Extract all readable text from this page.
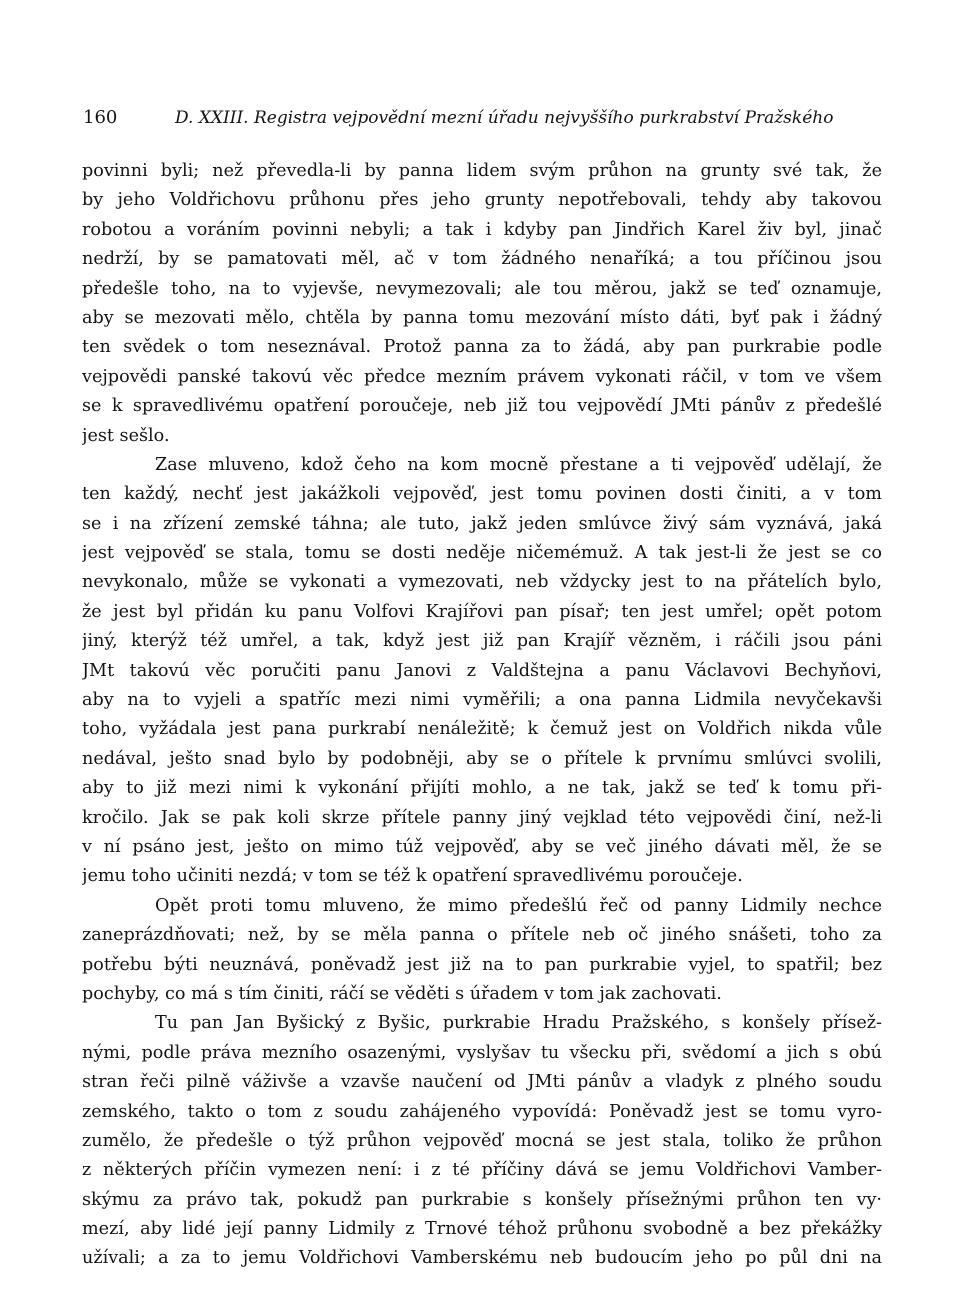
160	D. XXIII. Registra vejpovědní mezní úřadu nejvyššího purkrabství Pražského
povinni byli; než převedla-li by panna lidem svým průhon na grunty své tak, že
by jeho Voldřichovu průhonu přes jeho grunty nepotřebovali, tehdy aby takovou
robotou a voráním povinni nebyli; a tak i kdyby pan Jindřich Karel živ byl, jinač
nedrží, by se pamatovati měl, ač v tom žádného nenaříká; a tou příčinou jsou
předešle toho, na to vyjevše, nevymezovali; ale tou měrou, jakž se teď oznamuje,
aby se mezovati mělo, chtěla by panna tomu mezování místo dáti, byť pak i žádný
ten svědek o tom neseznával. Protož panna za to žádá, aby pan purkrabie podle
vejpovědi panské takovú věc předce mezním právem vykonati ráčil, v tom ve všem
se k spravedlivému opatření poroučeje, neb již tou vejpovědí JMti pánův z předešlé
jest sešlo.
Zase mluveno, kdož čeho na kom mocně přestane a ti vejpověď udělají, že
ten každý, nechť jest jakážkoli vejpověď, jest tomu povinen dosti činiti, a v tom
se i na zřízení zemské táhna; ale tuto, jakž jeden smlúvce živý sám vyznává, jaká
jest vejpověď se stala, tomu se dosti neděje ničemémuž. A tak jest-li že jest se co
nevykonalo, může se vykonati a vymezovati, neb vždycky jest to na přátelích bylo,
že jest byl přidán ku panu Volfovi Krajířovi pan písař; ten jest umřel; opět potom
jiný, kterýž též umřel, a tak, když jest již pan Krajíř vězněm, i ráčili jsou páni
JMt takovú věc poručiti panu Janovi z Valdštejna a panu Václavovi Bechyňovi,
aby na to vyjeli a spatříc mezi nimi vyměřili; a ona panna Lidmila nevyčekavši
toho, vyžádala jest pana purkrabí nenáležitě; k čemuž jest on Voldřich nikda vůle
nedával, ješto snad bylo by podobněji, aby se o přítele k prvnímu smlúvci svolili,
aby to již mezi nimi k vykonání přijíti mohlo, a ne tak, jakž se teď k tomu při-
kročilo. Jak se pak koli skrze přítele panny jiný vejklad této vejpovědi činí, než-li
v ní psáno jest, ješto on mimo túž vejpověď, aby se več jiného dávati měl, že se
jemu toho učiniti nezdá; v tom se též k opatření spravedlivému poroučeje.
Opět proti tomu mluveno, že mimo předešlú řeč od panny Lidmily nechce
zaneprázdňovati; než, by se měla panna o přítele neb oč jiného snášeti, toho za
potřebu býti neuznává, poněvadž jest již na to pan purkrabie vyjel, to spatřil; bez
pochyby, co má s tím činiti, ráčí se věděti s úřadem v tom jak zachovati.
Tu pan Jan Byšický z Byšic, purkrabie Hradu Pražského, s konšely přísež-
nými, podle práva mezního osazenými, vyslyšav tu všecku při, svědomí a jich s obú
stran řeči pilně váživše a vzavše naučení od JMti pánův a vladyk z plného soudu
zemského, takto o tom z soudu zahájeného vypovídá: Poněvadž jest se tomu vyro-
zumělo, že předešle o týž průhon vejpověď mocná se jest stala, toliko že průhon
z některých příčin vymezen není: i z té příčiny dává se jemu Voldřichovi Vamber-
skýmu za právo tak, pokudž pan purkrabie s konšely přísežnými průhon ten vy·
mezí, aby lidé její panny Lidmily z Trnové téhož průhonu svobodně a bez překážky
užívali; a za to jemu Voldřichovi Vamberskému neb budoucím jeho po půl dni na
